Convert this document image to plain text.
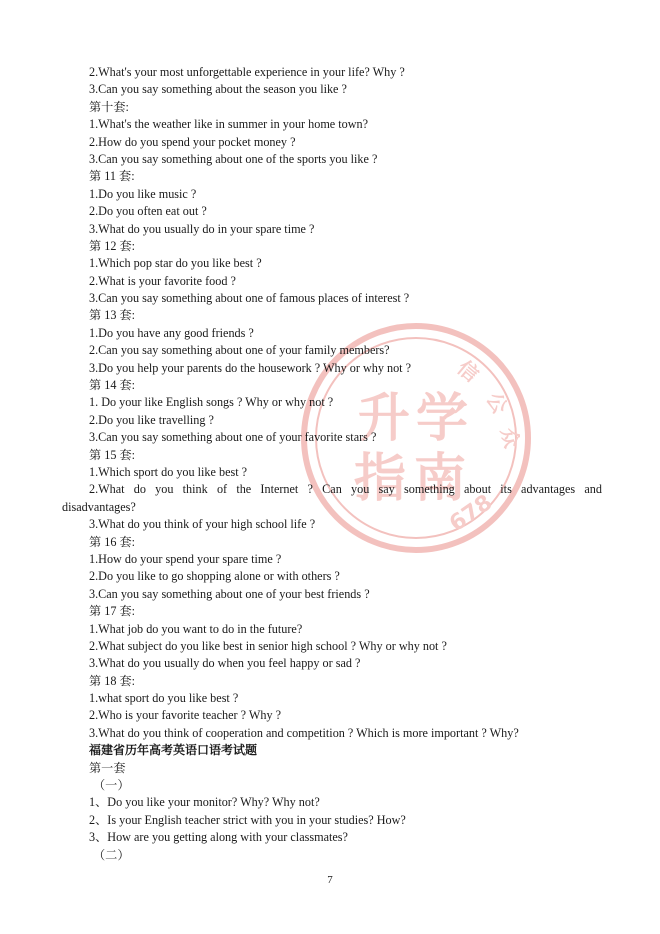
升 学
指 南
678
信
公
众
2.What's your most unforgettable experience in your life? Why ?
3.Can you say something about the season you like ?
第十套:
1.What's the weather like in summer in your home town?
2.How do you spend your pocket money ?
3.Can you say something about one of the sports you like ?
第 11 套:
1.Do you like music ?
2.Do you often eat out ?
3.What do you usually do in your spare time ?
第 12 套:
1.Which pop star do you like best ?
2.What is your favorite food ?
3.Can you say something about one of famous places of interest ?
第 13 套:
1.Do you have any good friends ?
2.Can you say something about one of your family members?
3.Do you help your parents do the housework ? Why or why not ?
第 14 套:
1. Do your like English songs ? Why or why not ?
2.Do you like travelling ?
3.Can you say something about one of your favorite stars ?
第 15 套:
1.Which sport do you like best ?
2.What do you think of the Internet ? Can you say something about its advantages and
disadvantages?
3.What do you think of your high school life ?
第 16 套:
1.How do your spend your spare time ?
2.Do you like to go shopping alone or with others ?
3.Can you say something about one of your best friends ?
第 17 套:
1.What job do you want to do in the future?
2.What subject do you like best in senior high school ? Why or why not ?
3.What do you usually do when you feel happy or sad ?
第 18 套:
1.what sport do you like best ?
2.Who is your favorite teacher ? Why ?
3.What do you think of cooperation and competition ? Which is more important ? Why?
福建省历年高考英语口语考试题
第一套
（一）
1、Do you like your monitor? Why? Why not?
2、Is your English teacher strict with you in your studies? How?
3、How are you getting along with your classmates?
（二）
7
